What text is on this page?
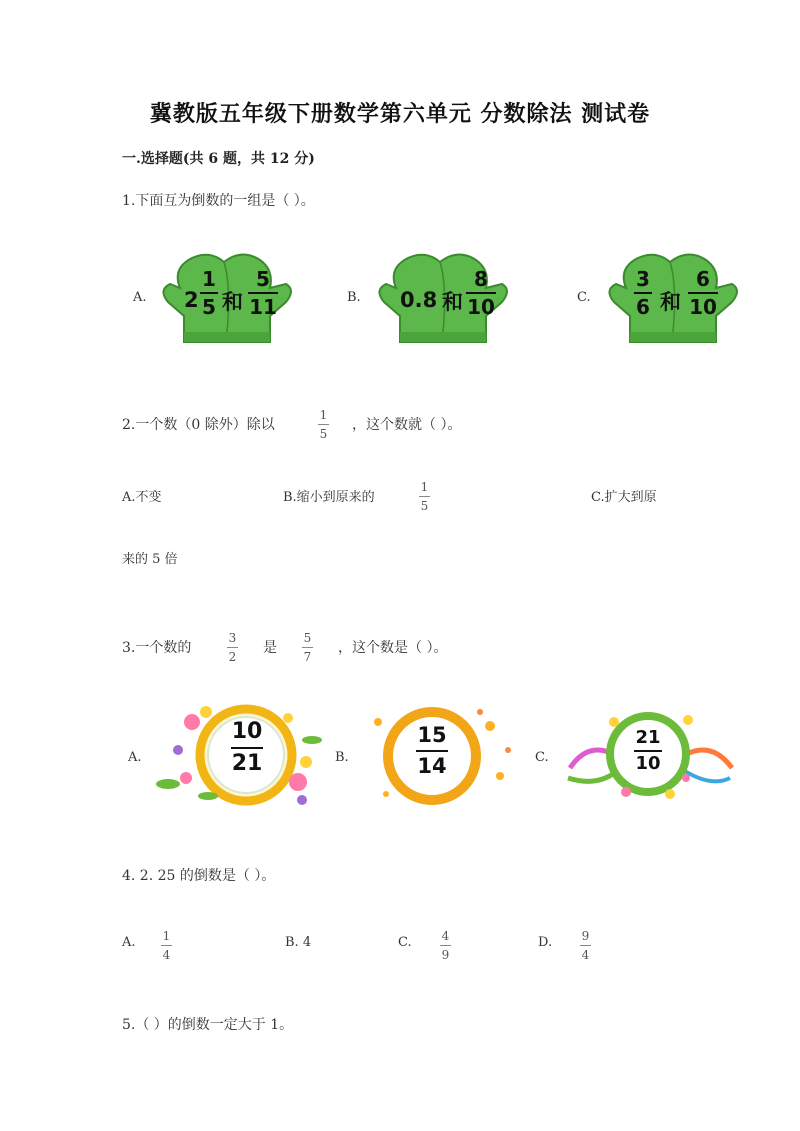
冀教版五年级下册数学第六单元 分数除法 测试卷
一.选择题(共 6 题，共 12 分)
1.下面互为倒数的一组是（ ）。
A. 2
1
5 和
5
11	B. 0.8 和
8
10	C.
3
6 和
6
10
2.一个数（0 除外）除以
1
5
，这个数就（ ）。
A.不变	B.缩小到原来的
1
5
C.扩大到原
来的 5 倍
3.一个数的
3
2
是
5
7
，这个数是（ ）。
A.
10
21	B.
15
14	C.
21
10
4. 2. 25 的倒数是（ ）。
A. 1
4
B. 4	C.	4
9
D. 9
4
5.（ ）的倒数一定大于 1。
